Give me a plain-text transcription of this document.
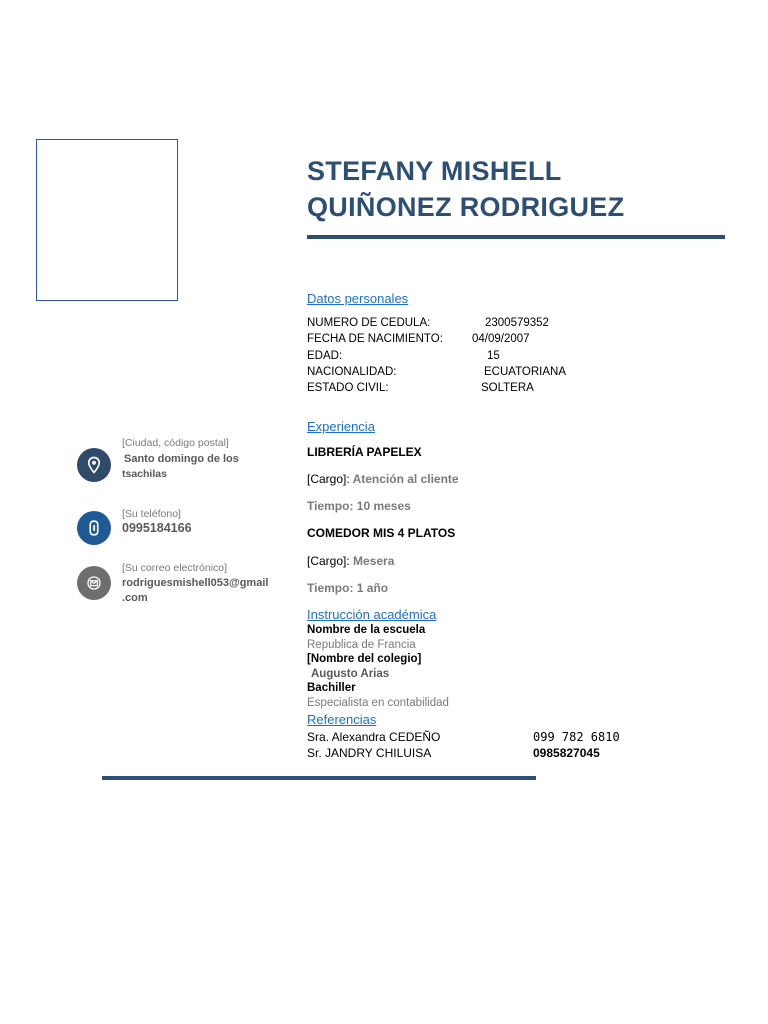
STEFANY MISHELL
QUIÑONEZ RODRIGUEZ
Datos personales
NUMERO DE CEDULA:	2300579352
FECHA DE NACIMIENTO:	04/09/2007
EDAD:	15
NACIONALIDAD:	ECUATORIANA
ESTADO CIVIL:	SOLTERA
Experiencia
LIBRERÍA PAPELEX
[Cargo]: Atención al cliente
Tiempo: 10 meses
COMEDOR MIS 4 PLATOS
[Cargo]: Mesera
Tiempo: 1 año
Instrucción académica
Nombre de la escuela
Republica de Francia
[Nombre del colegio]
Augusto Arias
Bachiller
Especialista en contabilidad
Referencias
Sra. Alexandra CEDEÑO	099 782 6810
Sr. JANDRY CHILUISA	0985827045
[Ciudad, código postal]
Santo domingo de los
tsachilas
[Su teléfono]
0995184166
[Su correo electrónico]
rodriguesmishell053@gmail
.com
